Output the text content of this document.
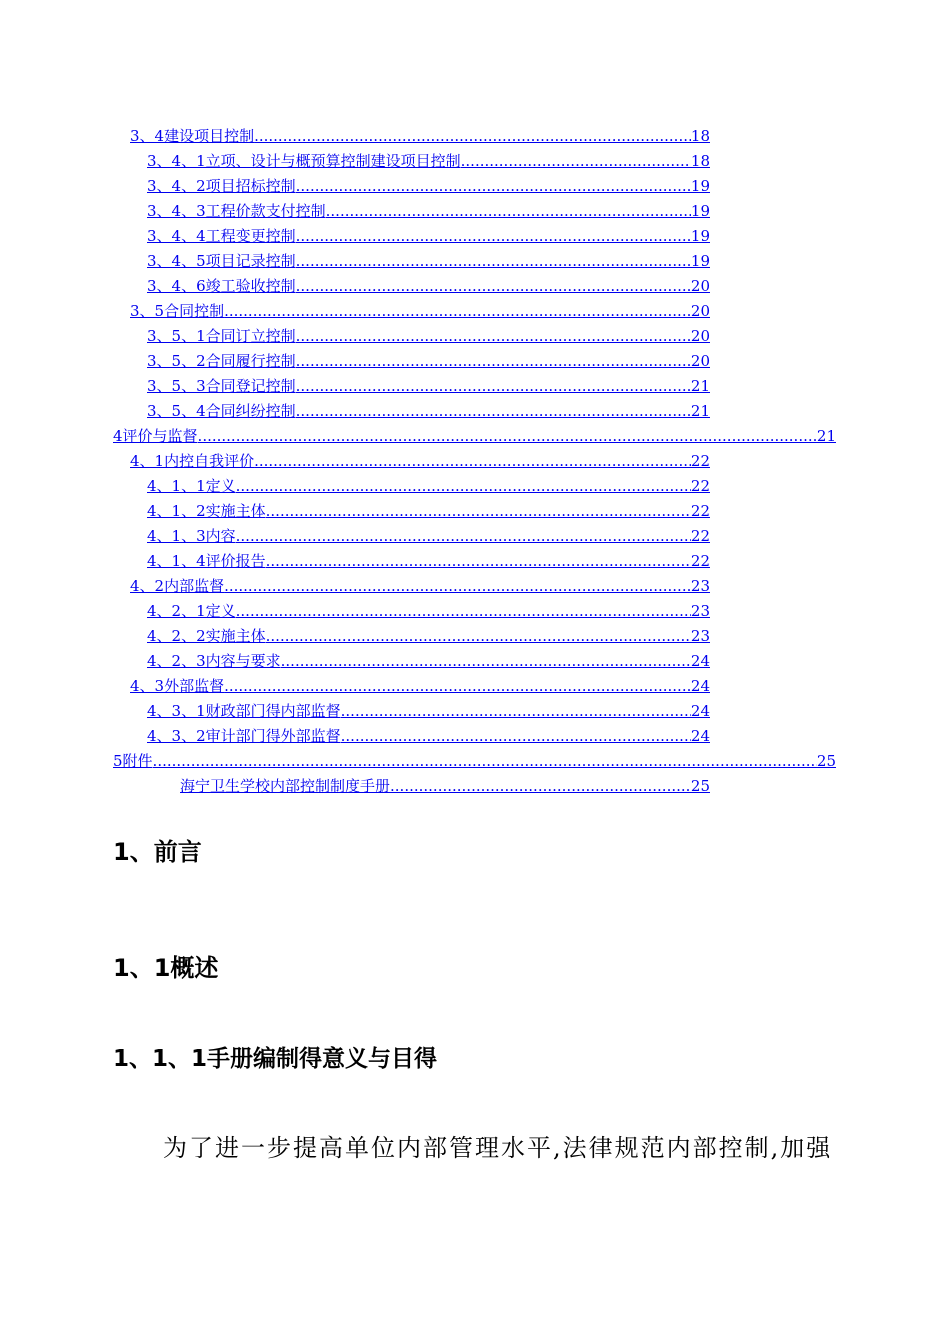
3、4建设项目控制 .....	18
3、4、1立项、设计与概预算控制建设项目控制 .....	18
3、4、2项目招标控制 .....	19
3、4、3工程价款支付控制 .....	19
3、4、4工程变更控制 .....	19
3、4、5项目记录控制 .....	19
3、4、6竣工验收控制 .....	20
3、5合同控制 .....	20
3、5、1合同订立控制 .....	20
3、5、2合同履行控制 .....	20
3、5、3合同登记控制 .....	21
3、5、4合同纠纷控制 .....	21
4评价与监督 .....	21
4、1内控自我评价 .....	22
4、1、1定义 .....	22
4、1、2实施主体 .....	22
4、1、3内容 .....	22
4、1、4评价报告 .....	22
4、2内部监督 .....	23
4、2、1定义 .....	23
4、2、2实施主体 .....	23
4、2、3内容与要求 .....	24
4、3外部监督 .....	24
4、3、1财政部门得内部监督 .....	24
4、3、2审计部门得外部监督 .....	24
5附件 .....	25
海宁卫生学校内部控制制度手册 .....	25
1、前言
1、1概述
1、1、1手册编制得意义与目得
为了进一步提高单位内部管理水平,法律规范内部控制,加强
